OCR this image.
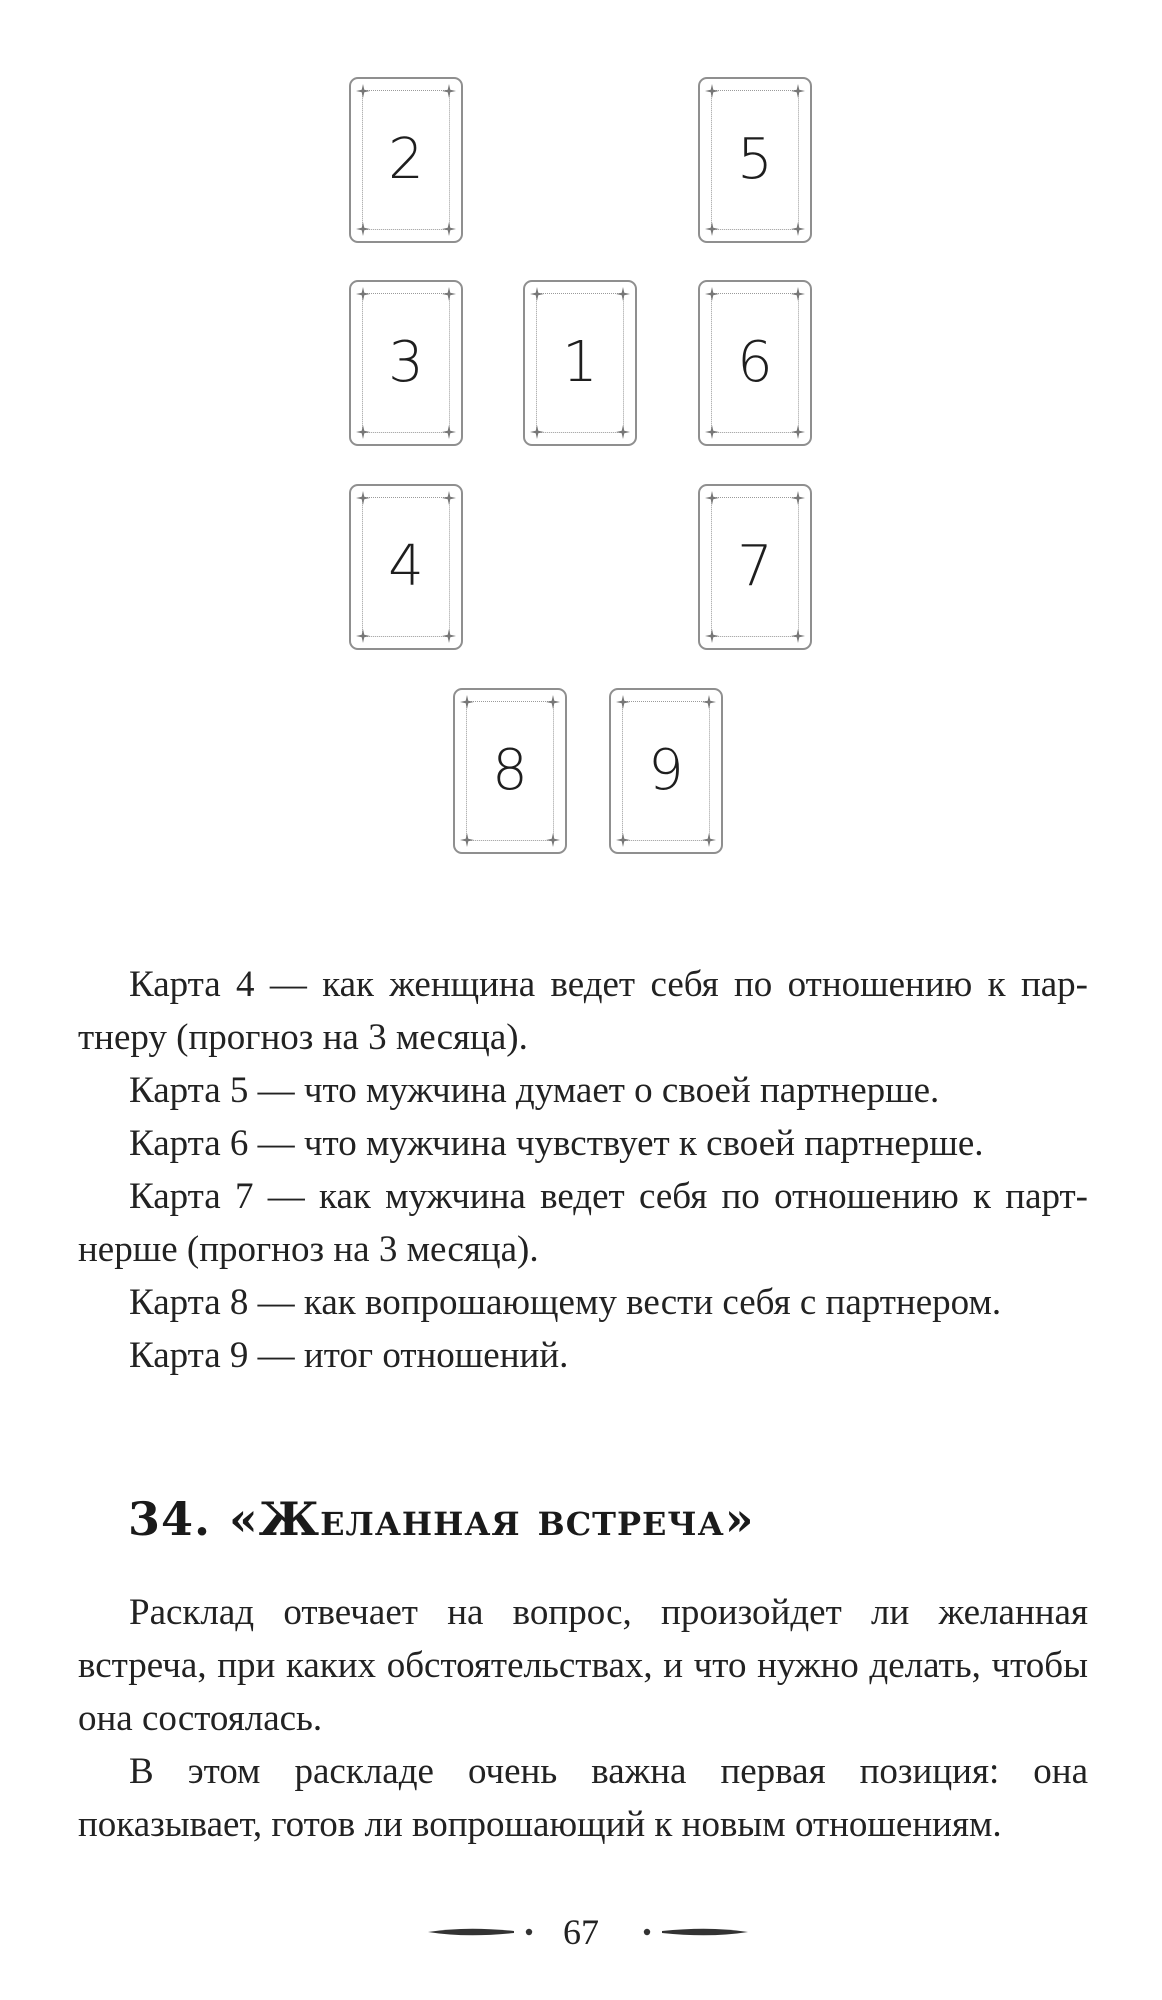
2	5
3	1	6
4	7
8	9

Карта 4 — как женщина ведет себя по отношению к пар-

тнеру (прогноз на 3 месяца).

Карта 5 — что мужчина думает о своей партнерше.

Карта 6 — что мужчина чувствует к своей партнерше.

Карта 7 — как мужчина ведет себя по отношению к парт-

нерше (прогноз на 3 месяца).

Карта 8 — как вопрошающему вести себя с партнером.

Карта 9 — итог отношений.

34. «Желанная встреча»

Расклад отвечает на вопрос, произойдет ли желанная встреча, при каких обстоятельствах, и что нужно делать, чтобы она состоялась.

В этом раскладе очень важна первая позиция: она показывает, готов ли вопрошающий к новым отношениям.

67
